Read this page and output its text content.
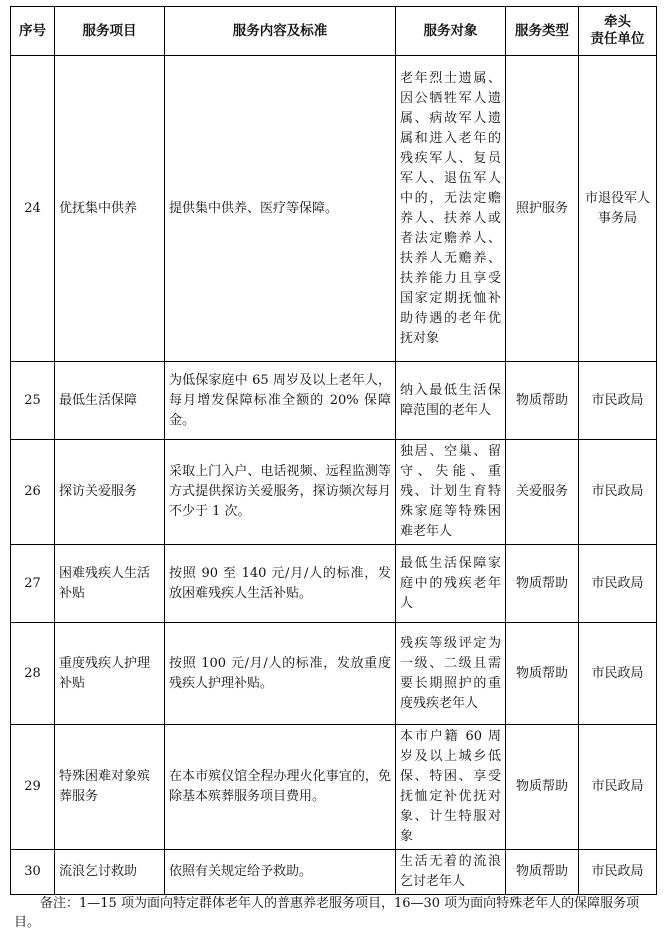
序号	服务项目	服务内容及标准	服务对象	服务类型	牵头
责任单位
24	优抚集中供养	提供集中供养、医疗等保障。	老年烈士遗属、因公牺牲军人遗属、病故军人遗属和进入老年的残疾军人、复员军人、退伍军人中的，无法定赡养人、扶养人或者法定赡养人、扶养人无赡养、扶养能力且享受国家定期抚恤补助待遇的老年优抚对象	照护服务	市退役军人事务局
25	最低生活保障	为低保家庭中 65 周岁及以上老年人，每月增发保障标准全额的 20% 保障金。	纳入最低生活保障范围的老年人	物质帮助	市民政局
26	探访关爱服务	采取上门入户、电话视频、远程监测等方式提供探访关爱服务，探访频次每月不少于 1 次。	独居、空巢、留守、失能、重残、计划生育特殊家庭等特殊困难老年人	关爱服务	市民政局
27	困难残疾人生活补贴	按照 90 至 140 元/月/人的标准，发放困难残疾人生活补贴。	最低生活保障家庭中的残疾老年人	物质帮助	市民政局
28	重度残疾人护理补贴	按照 100 元/月/人的标准，发放重度残疾人护理补贴。	残疾等级评定为一级、二级且需要长期照护的重度残疾老年人	物质帮助	市民政局
29	特殊困难对象殡葬服务	在本市殡仪馆全程办理火化事宜的，免除基本殡葬服务项目费用。	本市户籍 60 周岁及以上城乡低保、特困、享受抚恤定补优抚对象、计生特服对象	物质帮助	市民政局
30	流浪乞讨救助	依照有关规定给予救助。	生活无着的流浪乞讨老年人	物质帮助	市民政局
备注：1—15 项为面向特定群体老年人的普惠养老服务项目，16—30 项为面向特殊老年人的保障服务项目。
